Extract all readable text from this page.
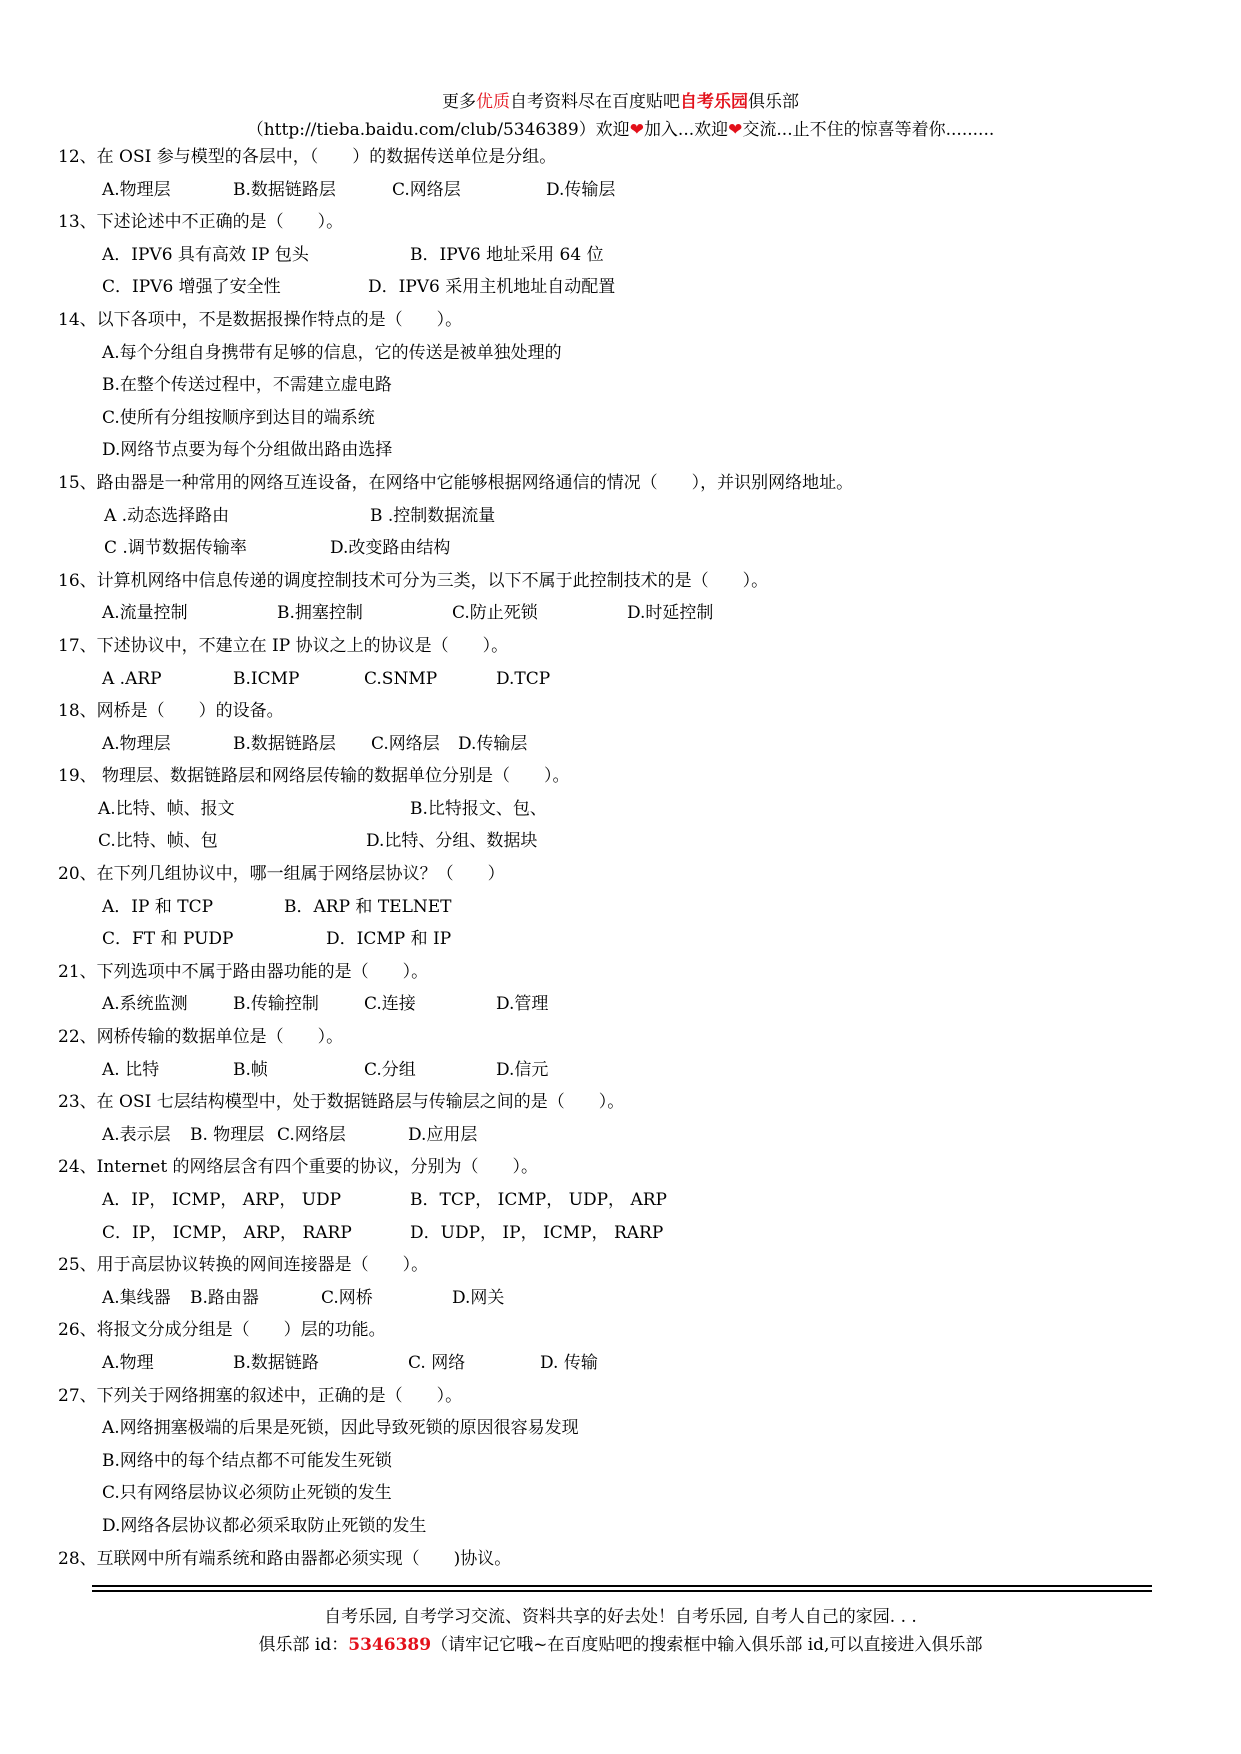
更多优质自考资料尽在百度贴吧自考乐园俱乐部
（http://tieba.baidu.com/club/5346389）欢迎❤加入...欢迎❤交流...止不住的惊喜等着你.........
12、在 OSI 参与模型的各层中，（　　）的数据传送单位是分组。
A.物理层	B.数据链路层	C.网络层	D.传输层
13、下述论述中不正确的是（　　）。
A．IPV6 具有高效 IP 包头	B．IPV6 地址采用 64 位
C．IPV6 增强了安全性	D．IPV6 采用主机地址自动配置
14、以下各项中，不是数据报操作特点的是（　　）。
A.每个分组自身携带有足够的信息，它的传送是被单独处理的
B.在整个传送过程中，不需建立虚电路
C.使所有分组按顺序到达目的端系统
D.网络节点要为每个分组做出路由选择
15、路由器是一种常用的网络互连设备，在网络中它能够根据网络通信的情况（　　），并识别网络地址。
A .动态选择路由	B .控制数据流量
C .调节数据传输率	D.改变路由结构
16、计算机网络中信息传递的调度控制技术可分为三类，以下不属于此控制技术的是（　　）。
A.流量控制	B.拥塞控制	C.防止死锁	D.时延控制
17、下述协议中，不建立在 IP 协议之上的协议是（　　）。
A .ARP	B.ICMP	C.SNMP	D.TCP
18、网桥是（　　）的设备。
A.物理层	B.数据链路层 C.网络层 D.传输层
19、 物理层、数据链路层和网络层传输的数据单位分别是（　　）。
A.比特、帧、报文	B.比特报文、包、
C.比特、帧、包	D.比特、分组、数据块
20、在下列几组协议中，哪一组属于网络层协议？（　　）
A．IP 和 TCP	B．ARP 和 TELNET
C．FT 和 PUDP	D．ICMP 和 IP
21、下列选项中不属于路由器功能的是（　　）。
A.系统监测	B.传输控制	C.连接	D.管理
22、网桥传输的数据单位是（　　）。
A. 比特	B.帧	C.分组	D.信元
23、在 OSI 七层结构模型中，处于数据链路层与传输层之间的是（　　）。
A.表示层 B. 物理层 C.网络层	D.应用层
24、Internet 的网络层含有四个重要的协议，分别为（　　）。
A．IP， ICMP， ARP， UDP	B．TCP， ICMP， UDP， ARP
C．IP， ICMP， ARP， RARP	D．UDP， IP， ICMP， RARP
25、用于高层协议转换的网间连接器是（　　）。
A.集线器 B.路由器	C.网桥	D.网关
26、将报文分成分组是（　　）层的功能。
A.物理	B.数据链路	C. 网络	D. 传输
27、下列关于网络拥塞的叙述中，正确的是（　　）。
A.网络拥塞极端的后果是死锁，因此导致死锁的原因很容易发现
B.网络中的每个结点都不可能发生死锁
C.只有网络层协议必须防止死锁的发生
D.网络各层协议都必须采取防止死锁的发生
28、互联网中所有端系统和路由器都必须实现（　　)协议。
自考乐园, 自考学习交流、资料共享的好去处！自考乐园, 自考人自己的家园. . .
俱乐部 id：5346389（请牢记它哦~在百度贴吧的搜索框中输入俱乐部 id,可以直接进入俱乐部
